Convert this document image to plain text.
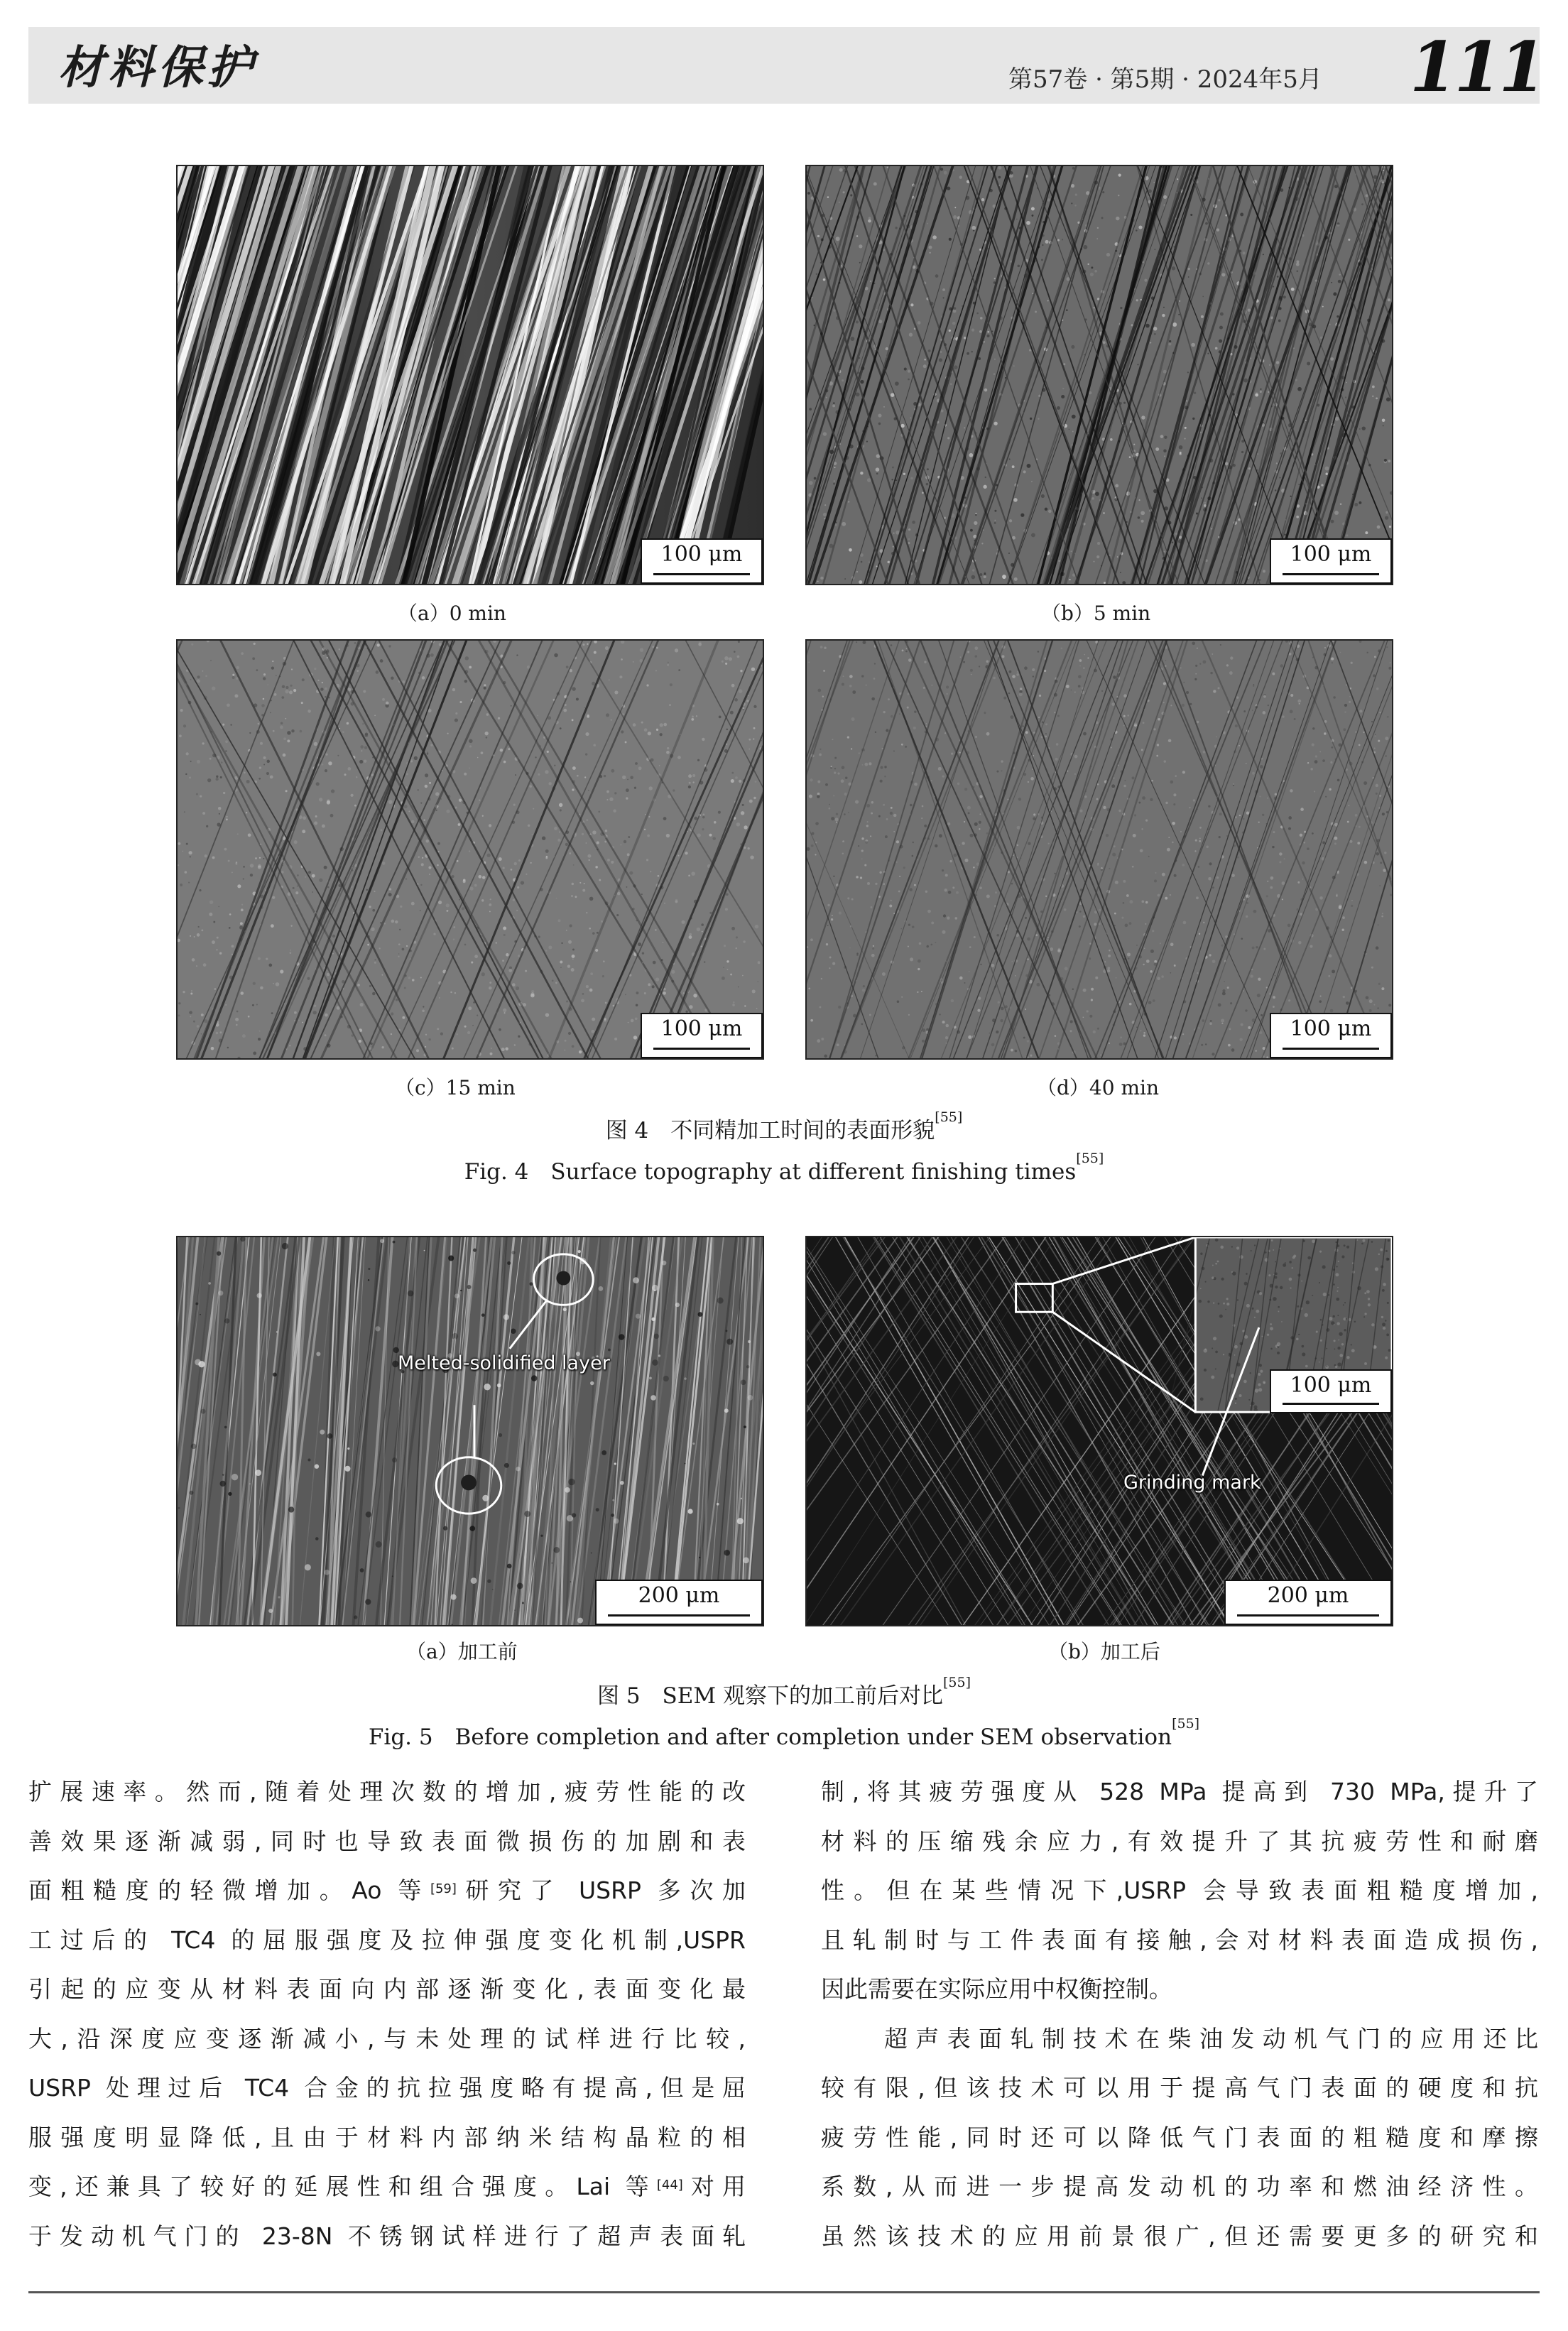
材料保护	第57卷 · 第5期 · 2024年5月 111
100 μm	100 μm
（a）0 min	（b）5 min
100 μm	100 μm
（c）15 min	（d）40 min
图 4　不同精加工时间的表面形貌[55]
Fig. 4　Surface topography at different finishing times[55]
Melted-solidified layer
200 μm
100 μm
Grinding mark
200 μm
（a）加工前	（b）加工后
图 5　SEM 观察下的加工前后对比[55]
Fig. 5　Before completion and after completion under SEM observation[55]
扩展速率。然而,随着处理次数的增加,疲劳性能的改
善效果逐渐减弱,同时也导致表面微损伤的加剧和表
面粗糙度的轻微增加。Ao 等[59]研究了 USRP 多次加
工过后的 TC4 的屈服强度及拉伸强度变化机制,USPR
引起的应变从材料表面向内部逐渐变化,表面变化最
大,沿深度应变逐渐减小,与未处理的试样进行比较,
USRP 处理过后 TC4 合金的抗拉强度略有提高,但是屈
服强度明显降低,且由于材料内部纳米结构晶粒的相
变,还兼具了较好的延展性和组合强度。Lai 等[44]对用
于发动机气门的 23-8N 不锈钢试样进行了超声表面轧
制,将其疲劳强度从 528 MPa 提高到 730 MPa,提升了
材料的压缩残余应力,有效提升了其抗疲劳性和耐磨
性。但在某些情况下,USRP 会导致表面粗糙度增加,
且轧制时与工件表面有接触,会对材料表面造成损伤,
因此需要在实际应用中权衡控制。
　　超声表面轧制技术在柴油发动机气门的应用还比
较有限,但该技术可以用于提高气门表面的硬度和抗
疲劳性能,同时还可以降低气门表面的粗糙度和摩擦
系数,从而进一步提高发动机的功率和燃油经济性。
虽然该技术的应用前景很广,但还需要更多的研究和
